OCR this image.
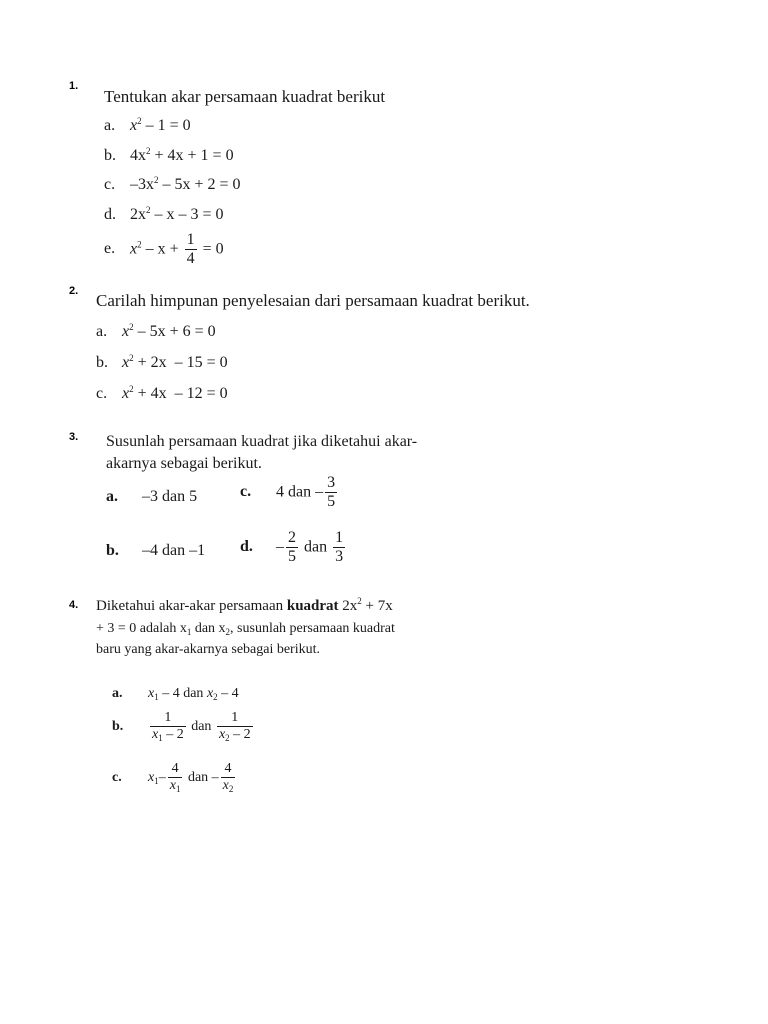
1.
Tentukan akar persamaan kuadrat berikut
a. $x^2 - 1 = 0$
b. $4x^2 + 4x + 1 = 0$
c. $-3x^2 - 5x + 2 = 0$
d. $2x^2 - x - 3 = 0$
e. $x^2 - x + \frac{1}{4} = 0$
2. Carilah himpunan penyelesaian dari persamaan kuadrat berikut.
a. $x^2 - 5x + 6 = 0$
b. $x^2 + 2x - 15 = 0$
c. $x^2 + 4x - 12 = 0$
3. Susunlah persamaan kuadrat jika diketahui akar-
akarnya sebagai berikut.
a. –3 dan 5	c. 4 dan – $\frac{3}{5}$
b. –4 dan –1 d. – $\frac{2}{5}$ dan $\frac{1}{3}$
4. Diketahui akar-akar persamaan kuadrat $2x^2 + 7x$
+ 3 = 0 adalah $x_1$ dan $x_2$, susunlah persamaan kuadrat
baru yang akar-akarnya sebagai berikut.
a. $x_1 - 4$ dan $x_2 - 4$
b. $\frac{1}{x_1 - 2}$ dan $\frac{1}{x_2 - 2}$
c. $x_1- \frac{4}{x_1}$ dan – $\frac{4}{x_2}$
